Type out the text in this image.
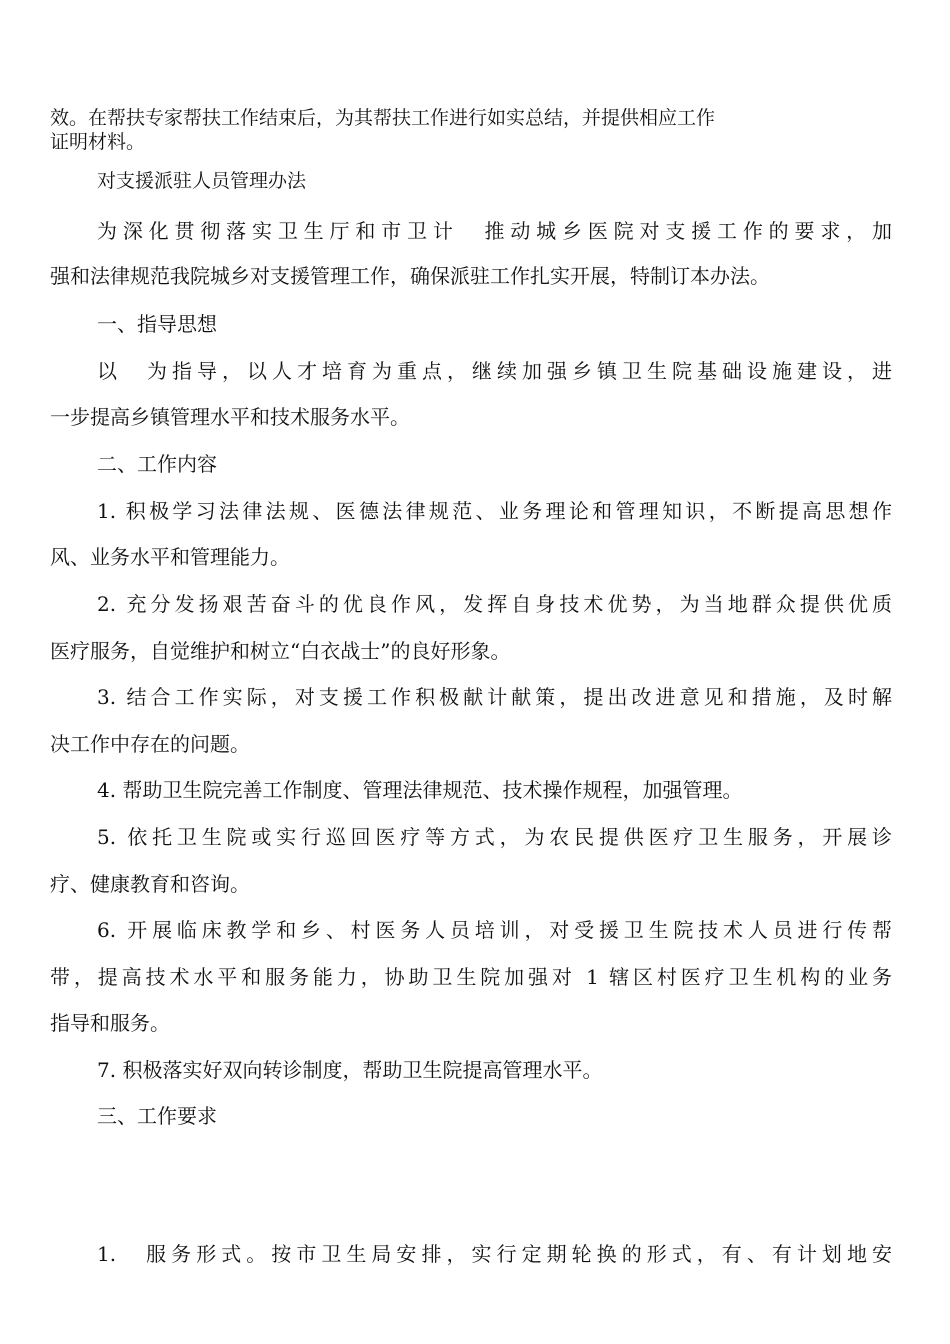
效。在帮扶专家帮扶工作结束后，为其帮扶工作进行如实总结，并提供相应工作
证明材料。
对支援派驻人员管理办法
为深化贯彻落实卫生厅和市卫计　推动城乡医院对支援工作的要求，加
强和法律规范我院城乡对支援管理工作，确保派驻工作扎实开展，特制订本办法。
一、指导思想
以　为指导，以人才培育为重点，继续加强乡镇卫生院基础设施建设，进
一步提高乡镇管理水平和技术服务水平。
二、工作内容
1. 积极学习法律法规、医德法律规范、业务理论和管理知识，不断提高思想作
风、业务水平和管理能力。
2. 充分发扬艰苦奋斗的优良作风，发挥自身技术优势，为当地群众提供优质
医疗服务，自觉维护和树立“白衣战士”的良好形象。
3. 结合工作实际，对支援工作积极献计献策，提出改进意见和措施，及时解
决工作中存在的问题。
4. 帮助卫生院完善工作制度、管理法律规范、技术操作规程，加强管理。
5. 依托卫生院或实行巡回医疗等方式，为农民提供医疗卫生服务，开展诊
疗、健康教育和咨询。
6. 开展临床教学和乡、村医务人员培训，对受援卫生院技术人员进行传帮
带，提高技术水平和服务能力，协助卫生院加强对 1 辖区村医疗卫生机构的业务
指导和服务。
7. 积极落实好双向转诊制度，帮助卫生院提高管理水平。
三、工作要求
1.　服务形式。按市卫生局安排，实行定期轮换的形式，有、有计划地安
